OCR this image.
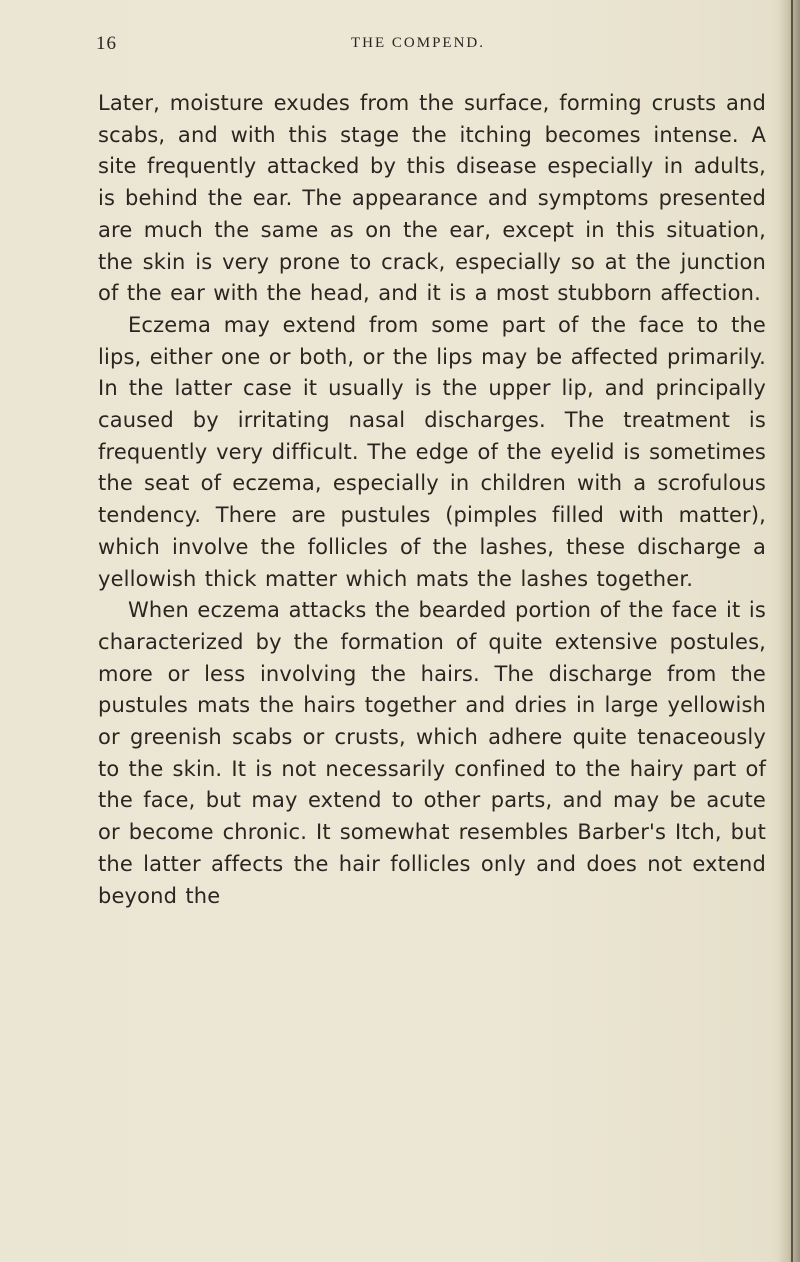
16	THE COMPEND.

Later, moisture exudes from the surface, forming crusts and scabs, and with this stage the itching becomes intense. A site frequently attacked by this disease especially in adults, is behind the ear. The appearance and symptoms presented are much the same as on the ear, except in this situation, the skin is very prone to crack, especially so at the junction of the ear with the head, and it is a most stubborn affection.

Eczema may extend from some part of the face to the lips, either one or both, or the lips may be affected primarily. In the latter case it usually is the upper lip, and principally caused by irritating nasal discharges. The treatment is frequently very difficult. The edge of the eyelid is sometimes the seat of eczema, especially in children with a scrofulous tendency. There are pustules (pimples filled with matter), which involve the follicles of the lashes, these discharge a yellowish thick matter which mats the lashes together.

When eczema attacks the bearded portion of the face it is characterized by the formation of quite extensive postules, more or less involving the hairs. The discharge from the pustules mats the hairs together and dries in large yellowish or greenish scabs or crusts, which adhere quite tenaceously to the skin. It is not necessarily confined to the hairy part of the face, but may extend to other parts, and may be acute or become chronic. It somewhat resembles Barber's Itch, but the latter affects the hair follicles only and does not extend beyond the
